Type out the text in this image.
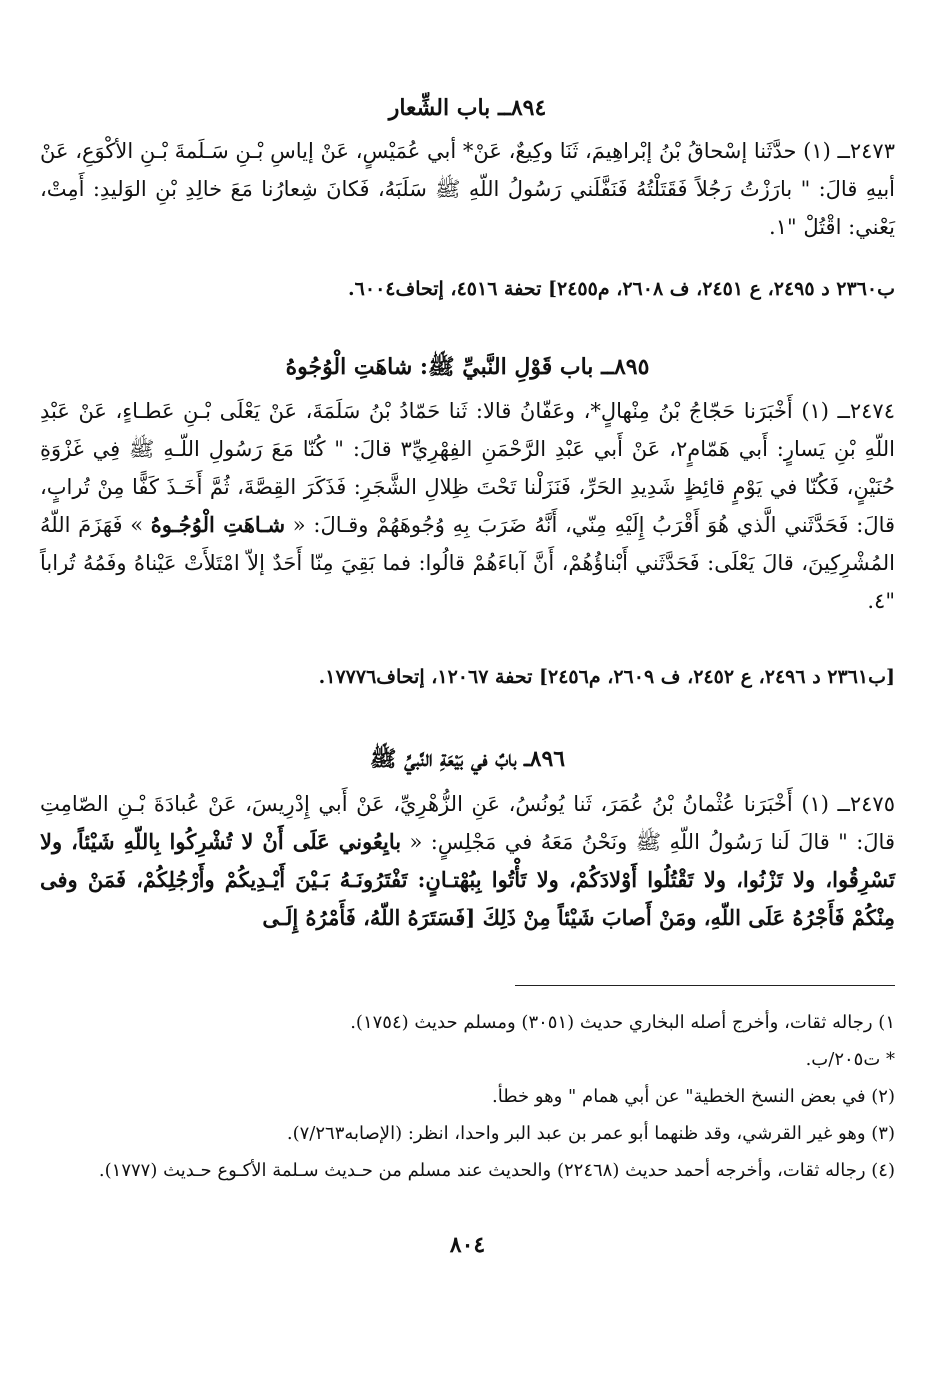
٨٩٤ــ باب الشِّعار

٢٤٧٣ــ (١) حدَّثَنا إسْحاقُ بْنُ إبْراهِيمَ، ثَنَا وكِيعٌ، عَنْ* أبي عُمَيْسٍ، عَنْ إياسِ بْـنِ سَـلَمةَ بْـنِ الأكْوَعِ، عَنْ أبيهِ قالَ: " بارَزْتُ رَجُلاً فَقَتَلْتُهُ فَنَفَّلَني رَسُولُ اللّهِ ﷺ سَلَبَهُ، فَكانَ شِعارُنا مَعَ خالِدِ بْنِ الوَليدِ: أَمِتْ، يَعْني: اقْتُلْ "١.

ب٢٣٦٠ د ٢٤٩٥، ع ٢٤٥١، ف ٢٦٠٨، م٢٤٥٥] تحفة ٤٥١٦، إتحاف٦٠٠٤.
٨٩٥ــ باب قَوْلِ النَّبيِّ ﷺ: شاهَتِ الْوُجُوهُ

٢٤٧٤ــ (١) أَخْبَرَنا حَجّاجُ بْنُ مِنْهالٍ*، وعَفّانُ قالا: ثَنا حَمّادُ بْنُ سَلَمَةَ، عَنْ يَعْلَى بْـنِ عَطـاءٍ، عَنْ عَبْدِ اللّهِ بْنِ يَسارٍ: أَبي هَمّامٍ٢، عَنْ أَبي عَبْدِ الرَّحْمَنِ الفِهْرِيِّ٣ قالَ: " كُنّا مَعَ رَسُولِ اللّـهِ ﷺ فِي غَزْوَةِ حُنَيْنٍ، فَكُنّا في يَوْمٍ قائِظٍ شَدِيدِ الحَرِّ، فَنَزَلْنا تَحْتَ ظِلالِ الشَّجَرِ: فَذَكَرَ القِصَّةَ، ثُمَّ أَخَـذَ كَفًّا مِنْ تُرابٍ، قالَ: فَحَدَّثَني الَّذي هُوَ أَقْرَبُ إِلَيْهِ مِنّي، أَنَّهُ ضَرَبَ بِهِ وُجُوهَهُمْ وقـالَ: « شـاهَتِ الْوُجُـوهُ » فَهَزَمَ اللّهُ المُشْرِكِينَ، قالَ يَعْلَى: فَحَدَّثَني أَبْناؤُهُمْ، أَنَّ آباءَهُمْ قالُوا: فما بَقِيَ مِنّا أَحَدٌ إلاّ امْتَلأَتْ عَيْناهُ وفَمُهُ تُراباً "٤.

[ب٢٣٦١ د ٢٤٩٦، ع ٢٤٥٢، ف ٢٦٠٩، م٢٤٥٦] تحفة ١٢٠٦٧، إتحاف١٧٧٧٦.
٨٩٦ــ بابٌ في بَيْعَةِ النَّبيِّ ﷺ

٢٤٧٥ــ (١) أَخْبَرَنا عُثْمانُ بْنُ عُمَرَ، ثَنا يُونُسُ، عَنِ الزُّهْرِيِّ، عَنْ أَبي إِدْرِيسَ، عَنْ عُبادَةَ بْـنِ الصّامِتِ قالَ: " قالَ لَنا رَسُولُ اللّهِ ﷺ ونَحْنُ مَعَهُ في مَجْلِسٍ: « بايِعُوني عَلَى أَنْ لا تُشْرِكُوا بِاللّهِ شَيْئاً، ولا تَسْرِقُوا، ولا تَزْنُوا، ولا تَقْتُلُوا أَوْلادَكُمْ، ولا تَأْتُوا بِبُهْتـانٍ: تَفْتَرُونَـهُ بَـيْنَ أَيْـدِيكُمْ وأَرْجُلِكُمْ، فَمَنْ وفى مِنْكُمْ فَأَجْرُهُ عَلَى اللّهِ، ومَنْ أَصابَ شَيْئاً مِنْ ذَلِكَ [فَسَتَرَهُ اللّهُ، فَأَمْرُهُ إِلَـى

١) رجاله ثقات، وأخرج أصله البخاري حديث (٣٠٥١) ومسلم حديث (١٧٥٤).

* ت٢٠٥/ب.

(٢) في بعض النسخ الخطية" عن أبي همام " وهو خطأ.

(٣) وهو غير القرشي، وقد ظنهما أبو عمر بن عبد البر واحدا، انظر: (الإصابه٧/٢٦٣).

(٤) رجاله ثقات، وأخرجه أحمد حديث (٢٢٤٦٨) والحديث عند مسلم من حـديث سـلمة الأكـوع حـديث (١٧٧٧).

٨٠٤
